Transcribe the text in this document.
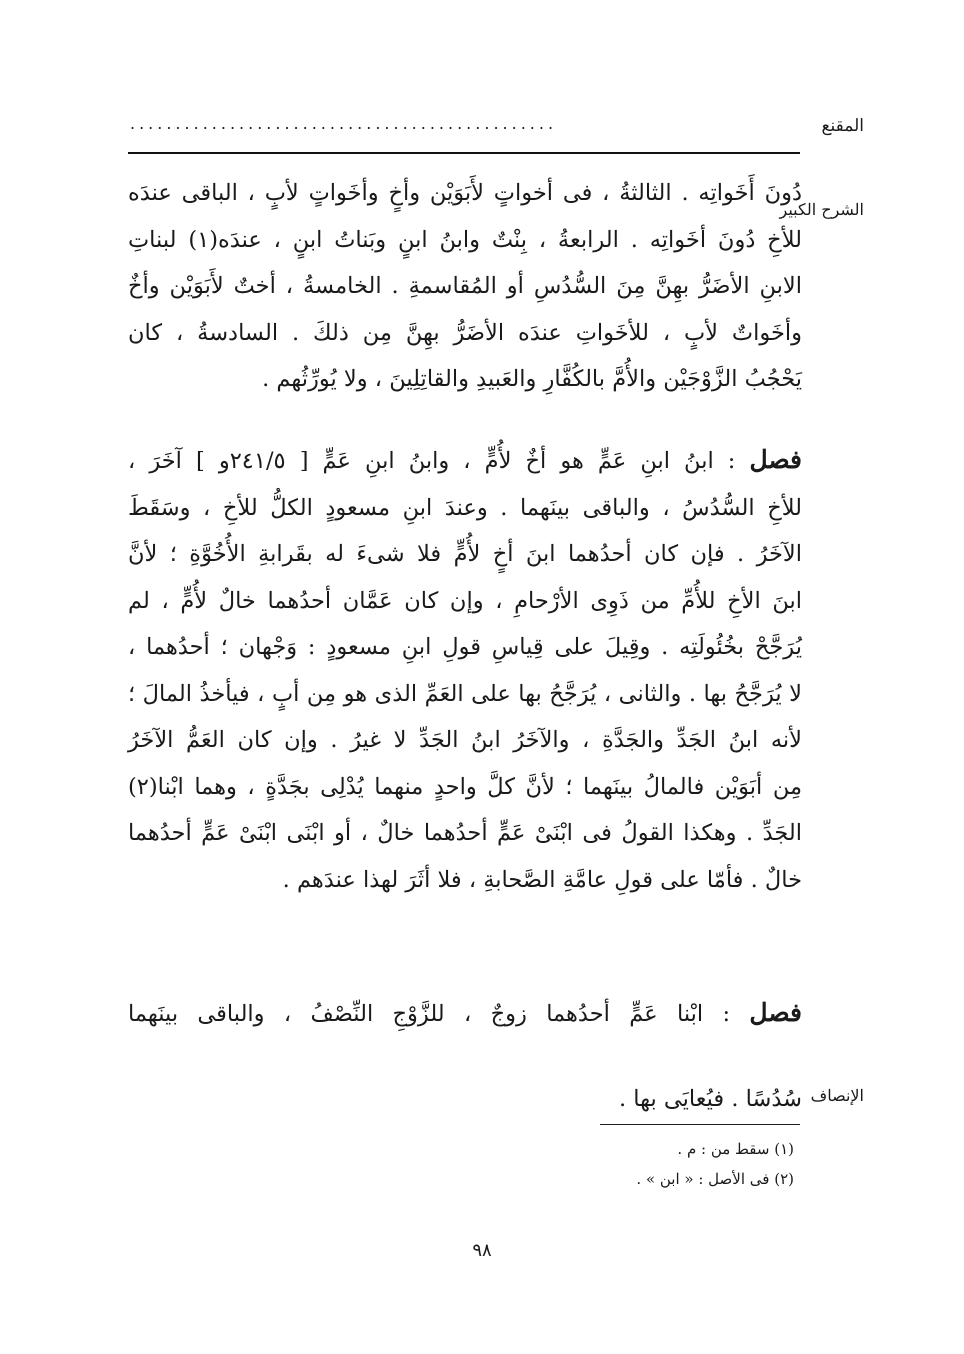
المقنع
...............................................
الشرح الكبير
دُونَ أَخَواتِه . الثالثةُ ، فى أخواتٍ لأَبَوَيْن وأخٍ وأخَواتٍ لأبٍ ، الباقى عندَه
للأخِ دُونَ أخَواتِه . الرابعةُ ، بِنْتٌ وابنُ ابنٍ وبَناتُ ابنٍ ، عندَه(١) لبناتِ
الابنِ الأضَرُّ بهِنَّ مِنَ السُّدُسِ أو المُقاسمةِ . الخامسةُ ، أختٌ لأَبَوَيْن وأخٌ
وأخَواتٌ لأبٍ ، للأخَواتِ عندَه الأضَرُّ بهِنَّ مِن ذلكَ . السادسةُ ، كان
يَحْجُبُ الزَّوْجَيْن والأُمَّ بالكُفَّارِ والعَبيدِ والقاتِلِينَ ، ولا يُورِّثُهم .
فصل : ابنُ ابنِ عَمٍّ هو أخٌ لأُمٍّ ، وابنُ ابنِ عَمٍّ [ ٢٤١/٥و ] آخَرَ ،
للأخِ السُّدُسُ ، والباقى بينَهما . وعندَ ابنِ مسعودٍ الكلُّ للأخِ ، وسَقَطَ
الآخَرُ . فإن كان أحدُهما ابنَ أخٍ لأُمٍّ فلا شىءَ له بقَرابةِ الأُخُوَّةِ ؛ لأنَّ
ابنَ الأخِ للأُمِّ من ذَوِى الأرْحامِ ، وإن كان عَمَّان أحدُهما خالٌ لأُمٍّ ، لم
يُرَجَّحْ بخُئُولَتِه . وقِيلَ على قِياسِ قولِ ابنِ مسعودٍ : وَجْهان ؛ أحدُهما ،
لا يُرَجَّحُ بها . والثانى ، يُرَجَّحُ بها على العَمِّ الذى هو مِن أبٍ ، فيأخذُ المالَ ؛
لأنه ابنُ الجَدِّ والجَدَّةِ ، والآخَرُ ابنُ الجَدِّ لا غيرُ . وإن كان العَمُّ الآخَرُ
مِن أبَوَيْن فالمالُ بينَهما ؛ لأنَّ كلَّ واحدٍ منهما يُدْلِى بجَدَّةٍ ، وهما ابْنا(٢)
الجَدِّ . وهكذا القولُ فى ابْنَىْ عَمٍّ أحدُهما خالٌ ، أو ابْنَى ابْنَىْ عَمٍّ أحدُهما
خالٌ . فأمّا على قولِ عامَّةِ الصَّحابةِ ، فلا أثَرَ لهذا عندَهم .
فصل : ابْنا عَمٍّ أحدُهما زوجٌ ، للزَّوْجِ النِّصْفُ ، والباقى بينَهما
الإنصاف
سُدُسًا . فيُعايَى بها .
(١) سقط من : م .
(٢) فى الأصل : « ابن » .
٩٨
